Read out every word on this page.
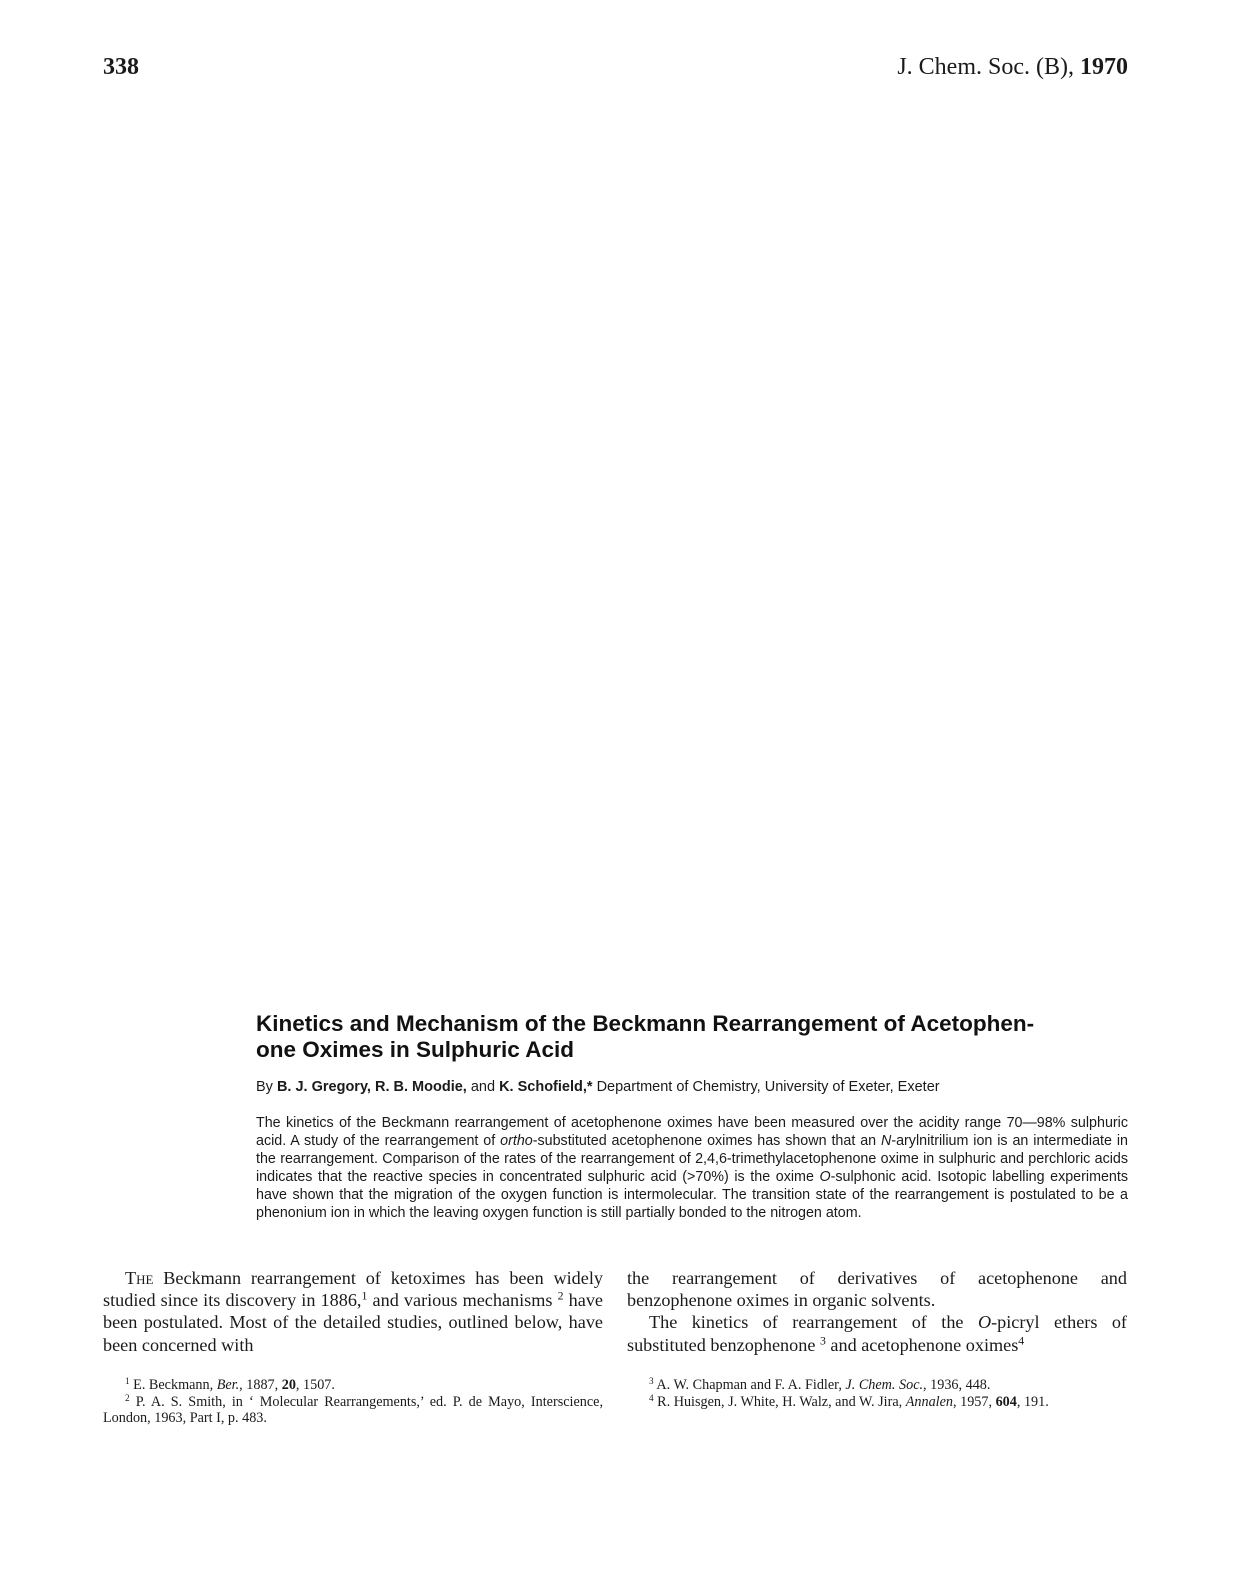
338	J. Chem. Soc. (B), 1970
Kinetics and Mechanism of the Beckmann Rearrangement of Acetophen-
one Oximes in Sulphuric Acid
By B. J. Gregory, R. B. Moodie, and K. Schofield,* Department of Chemistry, University of Exeter, Exeter

The kinetics of the Beckmann rearrangement of acetophenone oximes have been measured over the acidity range 70—98% sulphuric acid. A study of the rearrangement of ortho-substituted acetophenone oximes has shown that an N-arylnitrilium ion is an intermediate in the rearrangement. Comparison of the rates of the rearrangement of 2,4,6-trimethylacetophenone oxime in sulphuric and perchloric acids indicates that the reactive species in concentrated sulphuric acid (>70%) is the oxime O-sulphonic acid. Isotopic labelling experiments have shown that the migration of the oxygen function is intermolecular. The transition state of the rearrangement is postulated to be a phenonium ion in which the leaving oxygen function is still partially bonded to the nitrogen atom.

The Beckmann rearrangement of ketoximes has been widely studied since its discovery in 1886,$^1$ and various mechanisms $^2$ have been postulated. Most of the detailed studies, outlined below, have been concerned with

the rearrangement of derivatives of acetophenone and benzophenone oximes in organic solvents.

The kinetics of rearrangement of the O-picryl ethers of substituted benzophenone $^3$ and acetophenone oximes$^4$

$^1$ E. Beckmann, Ber., 1887, 20, 1507.

$^2$ P. A. S. Smith, in ‘ Molecular Rearrangements,’ ed. P. de Mayo, Interscience, London, 1963, Part I, p. 483.

$^3$ A. W. Chapman and F. A. Fidler, J. Chem. Soc., 1936, 448.

$^4$ R. Huisgen, J. White, H. Walz, and W. Jira, Annalen, 1957, 604, 191.
